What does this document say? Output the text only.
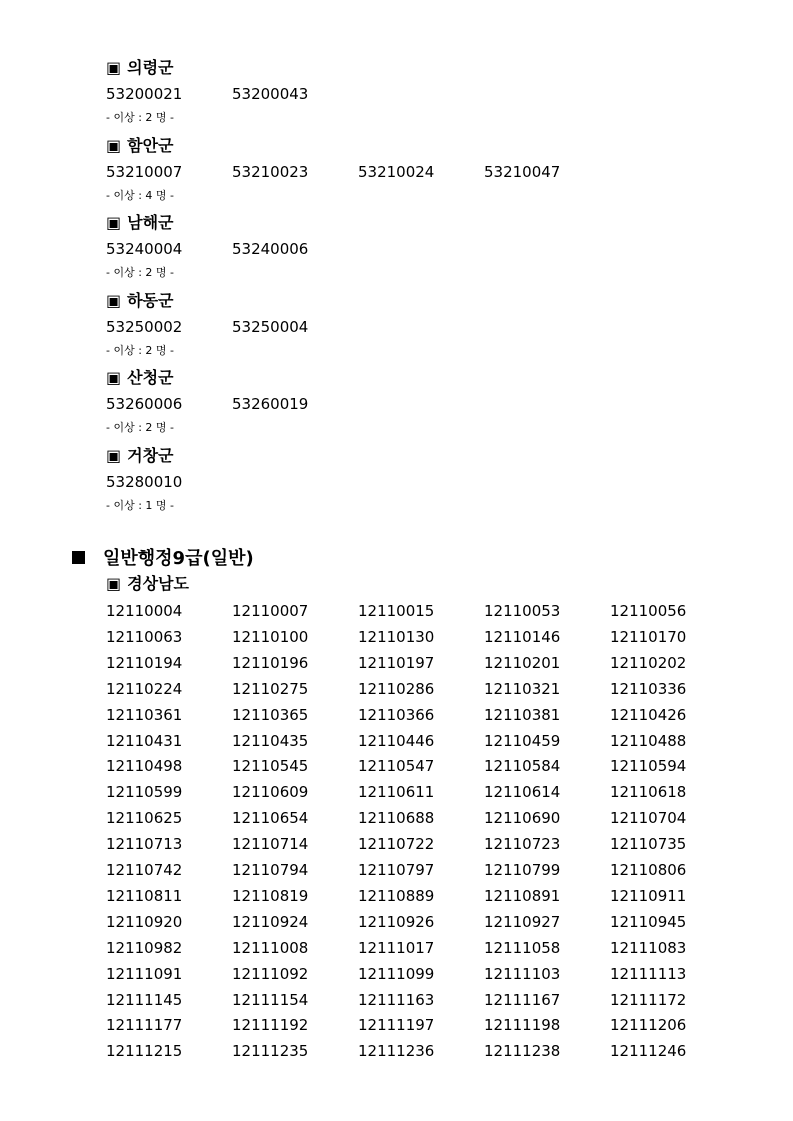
▣ 의령군
53200021	53200043
- 이상 : 2 명 -
▣ 함안군
53210007	53210023	53210024	53210047
- 이상 : 4 명 -
▣ 남해군
53240004	53240006
- 이상 : 2 명 -
▣ 하동군
53250002	53250004
- 이상 : 2 명 -
▣ 산청군
53260006	53260019
- 이상 : 2 명 -
▣ 거창군
53280010
- 이상 : 1 명 -
일반행정9급(일반)
▣ 경상남도
12110004	12110007	12110015	12110053	12110056
12110063	12110100	12110130	12110146	12110170
12110194	12110196	12110197	12110201	12110202
12110224	12110275	12110286	12110321	12110336
12110361	12110365	12110366	12110381	12110426
12110431	12110435	12110446	12110459	12110488
12110498	12110545	12110547	12110584	12110594
12110599	12110609	12110611	12110614	12110618
12110625	12110654	12110688	12110690	12110704
12110713	12110714	12110722	12110723	12110735
12110742	12110794	12110797	12110799	12110806
12110811	12110819	12110889	12110891	12110911
12110920	12110924	12110926	12110927	12110945
12110982	12111008	12111017	12111058	12111083
12111091	12111092	12111099	12111103	12111113
12111145	12111154	12111163	12111167	12111172
12111177	12111192	12111197	12111198	12111206
12111215	12111235	12111236	12111238	12111246
